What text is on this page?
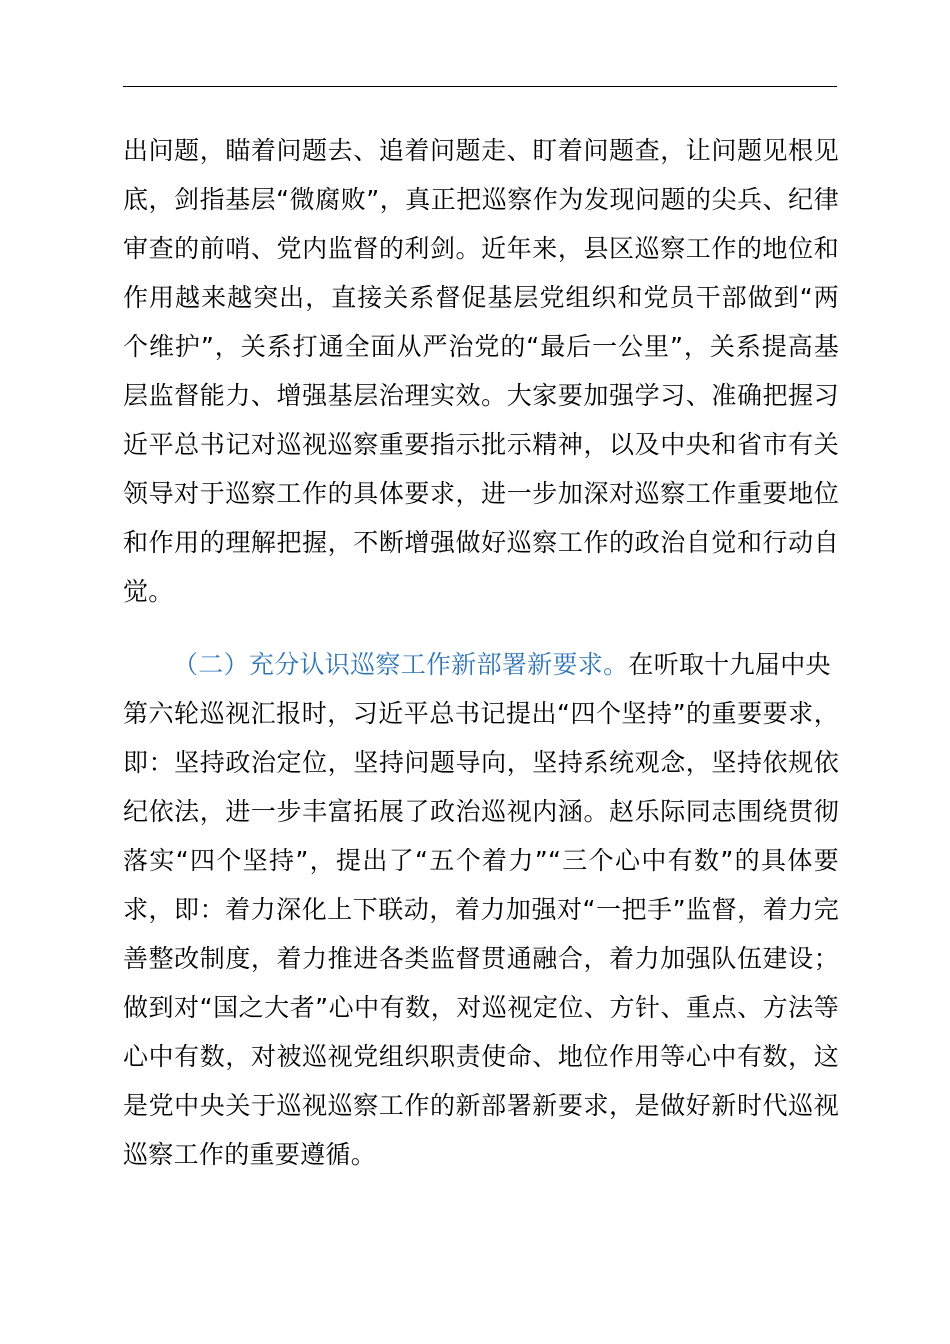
出问题，瞄着问题去、追着问题走、盯着问题查，让问题见根见
底，剑指基层“微腐败”，真正把巡察作为发现问题的尖兵、纪律
审查的前哨、党内监督的利剑。近年来，县区巡察工作的地位和
作用越来越突出，直接关系督促基层党组织和党员干部做到“两
个维护”，关系打通全面从严治党的“最后一公里”，关系提高基
层监督能力、增强基层治理实效。大家要加强学习、准确把握习
近平总书记对巡视巡察重要指示批示精神，以及中央和省市有关
领导对于巡察工作的具体要求，进一步加深对巡察工作重要地位
和作用的理解把握，不断增强做好巡察工作的政治自觉和行动自
觉。
（二）充分认识巡察工作新部署新要求。在听取十九届中央
第六轮巡视汇报时，习近平总书记提出“四个坚持”的重要要求，
即：坚持政治定位，坚持问题导向，坚持系统观念，坚持依规依
纪依法，进一步丰富拓展了政治巡视内涵。赵乐际同志围绕贯彻
落实“四个坚持”，提出了“五个着力”“三个心中有数”的具体要
求，即：着力深化上下联动，着力加强对“一把手”监督，着力完
善整改制度，着力推进各类监督贯通融合，着力加强队伍建设；
做到对“国之大者”心中有数，对巡视定位、方针、重点、方法等
心中有数，对被巡视党组织职责使命、地位作用等心中有数，这
是党中央关于巡视巡察工作的新部署新要求，是做好新时代巡视
巡察工作的重要遵循。
